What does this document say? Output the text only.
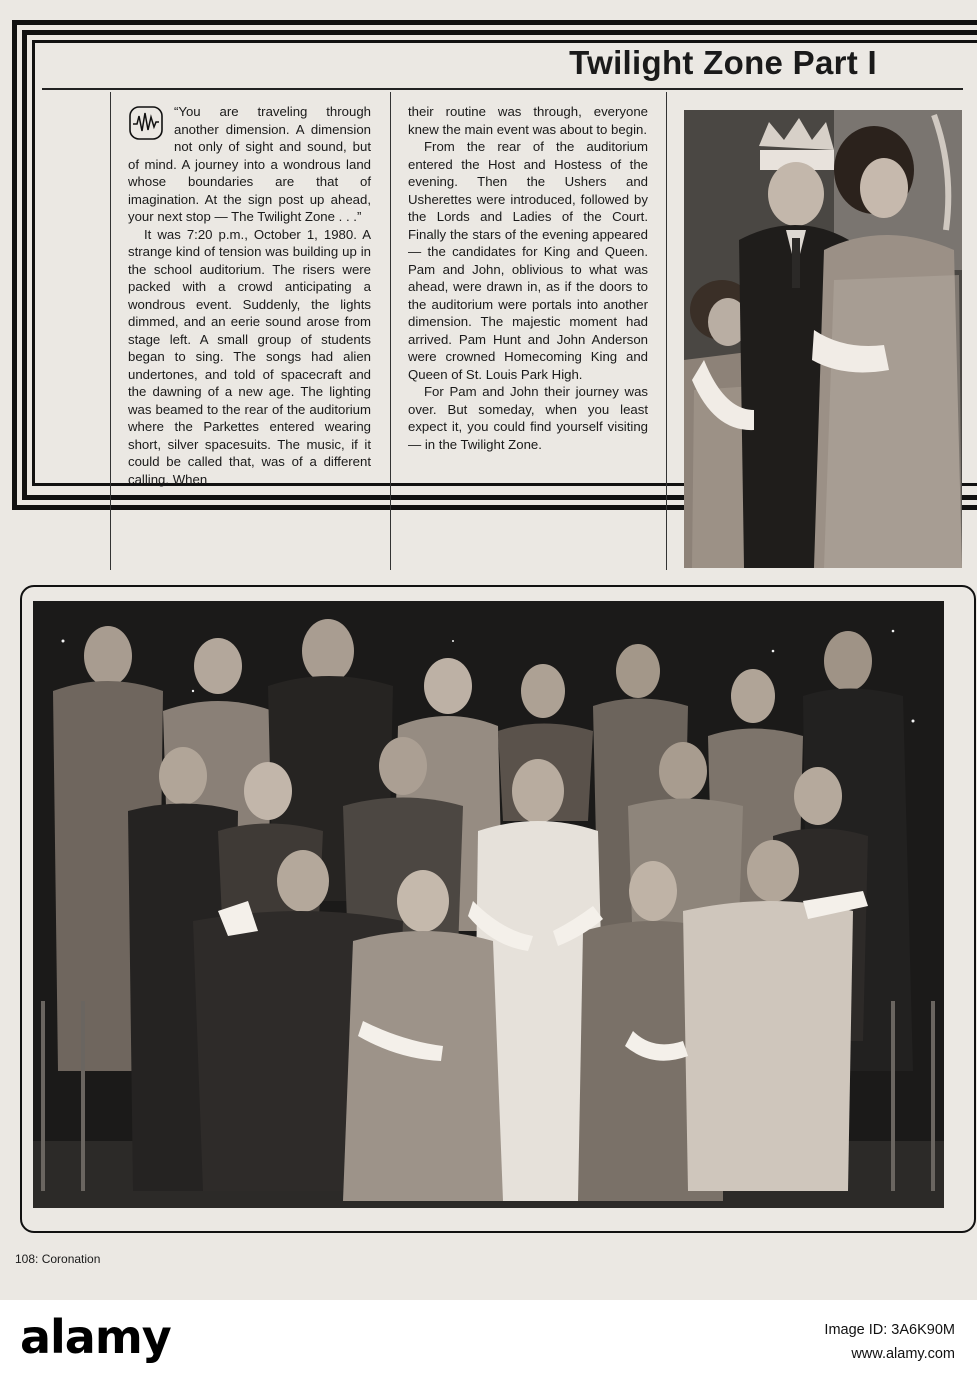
Twilight Zone Part I

“You are traveling through another dimension. A dimension not only of sight and sound, but of mind. A journey into a wondrous land whose boundaries are that of imagination. At the sign post up ahead, your next stop — The Twilight Zone . . .”

It was 7:20 p.m., October 1, 1980. A strange kind of tension was building up in the school auditorium. The risers were packed with a crowd anticipating a wondrous event. Suddenly, the lights dimmed, and an eerie sound arose from stage left. A small group of students began to sing. The songs had alien undertones, and told of spacecraft and the dawning of a new age. The lighting was beamed to the rear of the auditorium where the Parkettes entered wearing short, silver spacesuits. The music, if it could be called that, was of a different calling. When

their routine was through, everyone knew the main event was about to begin.

From the rear of the auditorium entered the Host and Hostess of the evening. Then the Ushers and Usherettes were introduced, followed by the Lords and Ladies of the Court. Finally the stars of the evening appeared — the candidates for King and Queen. Pam and John, oblivious to what was ahead, were drawn in, as if the doors to the auditorium were portals into another dimension. The majestic moment had arrived. Pam Hunt and John Anderson were crowned Homecoming King and Queen of St. Louis Park High.

For Pam and John their journey was over. But someday, when you least expect it, you could find yourself visiting — in the Twilight Zone.

108: Coronation
alamy	Image ID: 3A6K90M
www.alamy.com
